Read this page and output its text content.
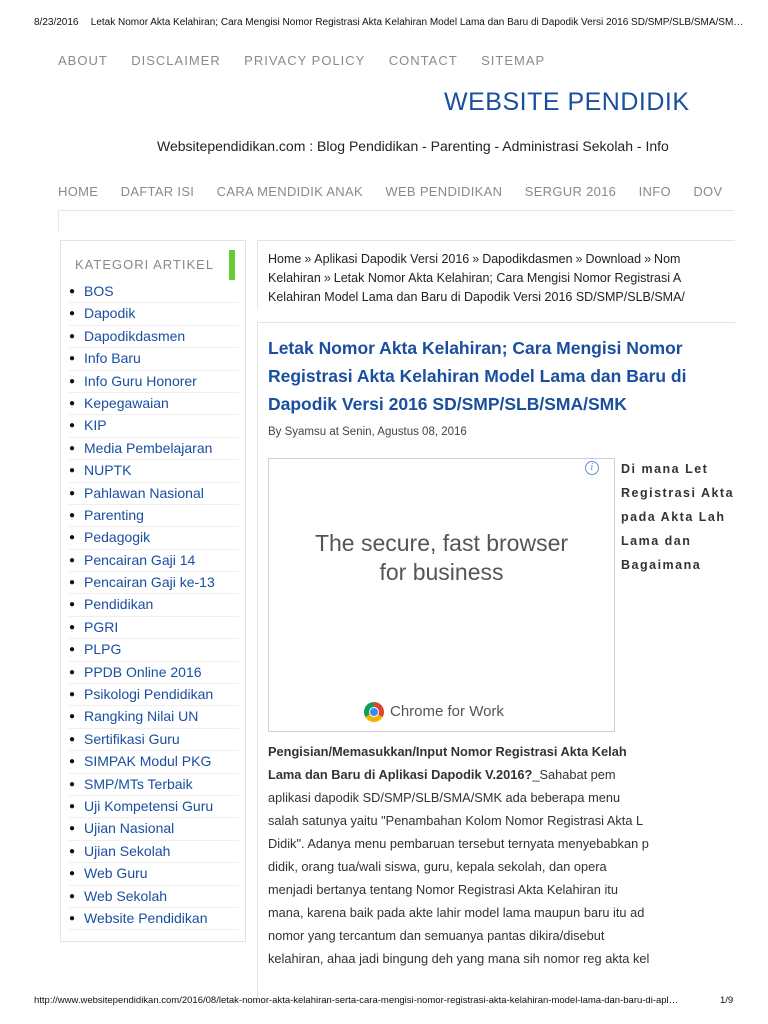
8/23/2016 Letak Nomor Akta Kelahiran; Cara Mengisi Nomor Registrasi Akta Kelahiran Model Lama dan Baru di Dapodik Versi 2016 SD/SMP/SLB/SMA/SM…
ABOUT DISCLAIMER PRIVACY POLICY CONTACT SITEMAP
WEBSITE PENDIDIK
Websitependidikan.com : Blog Pendidikan - Parenting - Administrasi Sekolah - Info
HOME DAFTAR ISI CARA MENDIDIK ANAK WEB PENDIDIKAN SERGUR 2016 INFO DOV
KATEGORI ARTIKEL
● BOS
● Dapodik
● Dapodikdasmen
● Info Baru
● Info Guru Honorer
● Kepegawaian
● KIP
● Media Pembelajaran
● NUPTK
● Pahlawan Nasional
● Parenting
● Pedagogik
● Pencairan Gaji 14
● Pencairan Gaji ke-13
● Pendidikan
● PGRI
● PLPG
● PPDB Online 2016
● Psikologi Pendidikan
● Rangking Nilai UN
● Sertifikasi Guru
● SIMPAK Modul PKG
● SMP/MTs Terbaik
● Uji Kompetensi Guru
● Ujian Nasional
● Ujian Sekolah
● Web Guru
● Web Sekolah
● Website Pendidikan
Home » Aplikasi Dapodik Versi 2016 » Dapodikdasmen » Download » Nom
Kelahiran » Letak Nomor Akta Kelahiran; Cara Mengisi Nomor Registrasi A
Kelahiran Model Lama dan Baru di Dapodik Versi 2016 SD/SMP/SLB/SMA/
Letak Nomor Akta Kelahiran; Cara Mengisi Nomor
Registrasi Akta Kelahiran Model Lama dan Baru di
Dapodik Versi 2016 SD/SMP/SLB/SMA/SMK
By Syamsu at Senin, Agustus 08, 2016
i
The secure, fast browser
for business
Chrome for Work
Di mana Let
Registrasi Akta
pada Akta Lah
Lama dan
Bagaimana
Pengisian/Memasukkan/Input Nomor Registrasi Akta Kelah
Lama dan Baru di Aplikasi Dapodik V.2016?_Sahabat pem
aplikasi dapodik SD/SMP/SLB/SMA/SMK ada beberapa menu
salah satunya yaitu "Penambahan Kolom Nomor Registrasi Akta L
Didik". Adanya menu pembaruan tersebut ternyata menyebabkan p
didik, orang tua/wali siswa, guru, kepala sekolah, dan opera
menjadi bertanya tentang Nomor Registrasi Akta Kelahiran itu
mana, karena baik pada akte lahir model lama maupun baru itu ad
nomor yang tercantum dan semuanya pantas dikira/disebut
kelahiran, ahaa jadi bingung deh yang mana sih nomor reg akta kel
http://www.websitependidikan.com/2016/08/letak-nomor-akta-kelahiran-serta-cara-mengisi-nomor-registrasi-akta-kelahiran-model-lama-dan-baru-di-apl…	1/9
